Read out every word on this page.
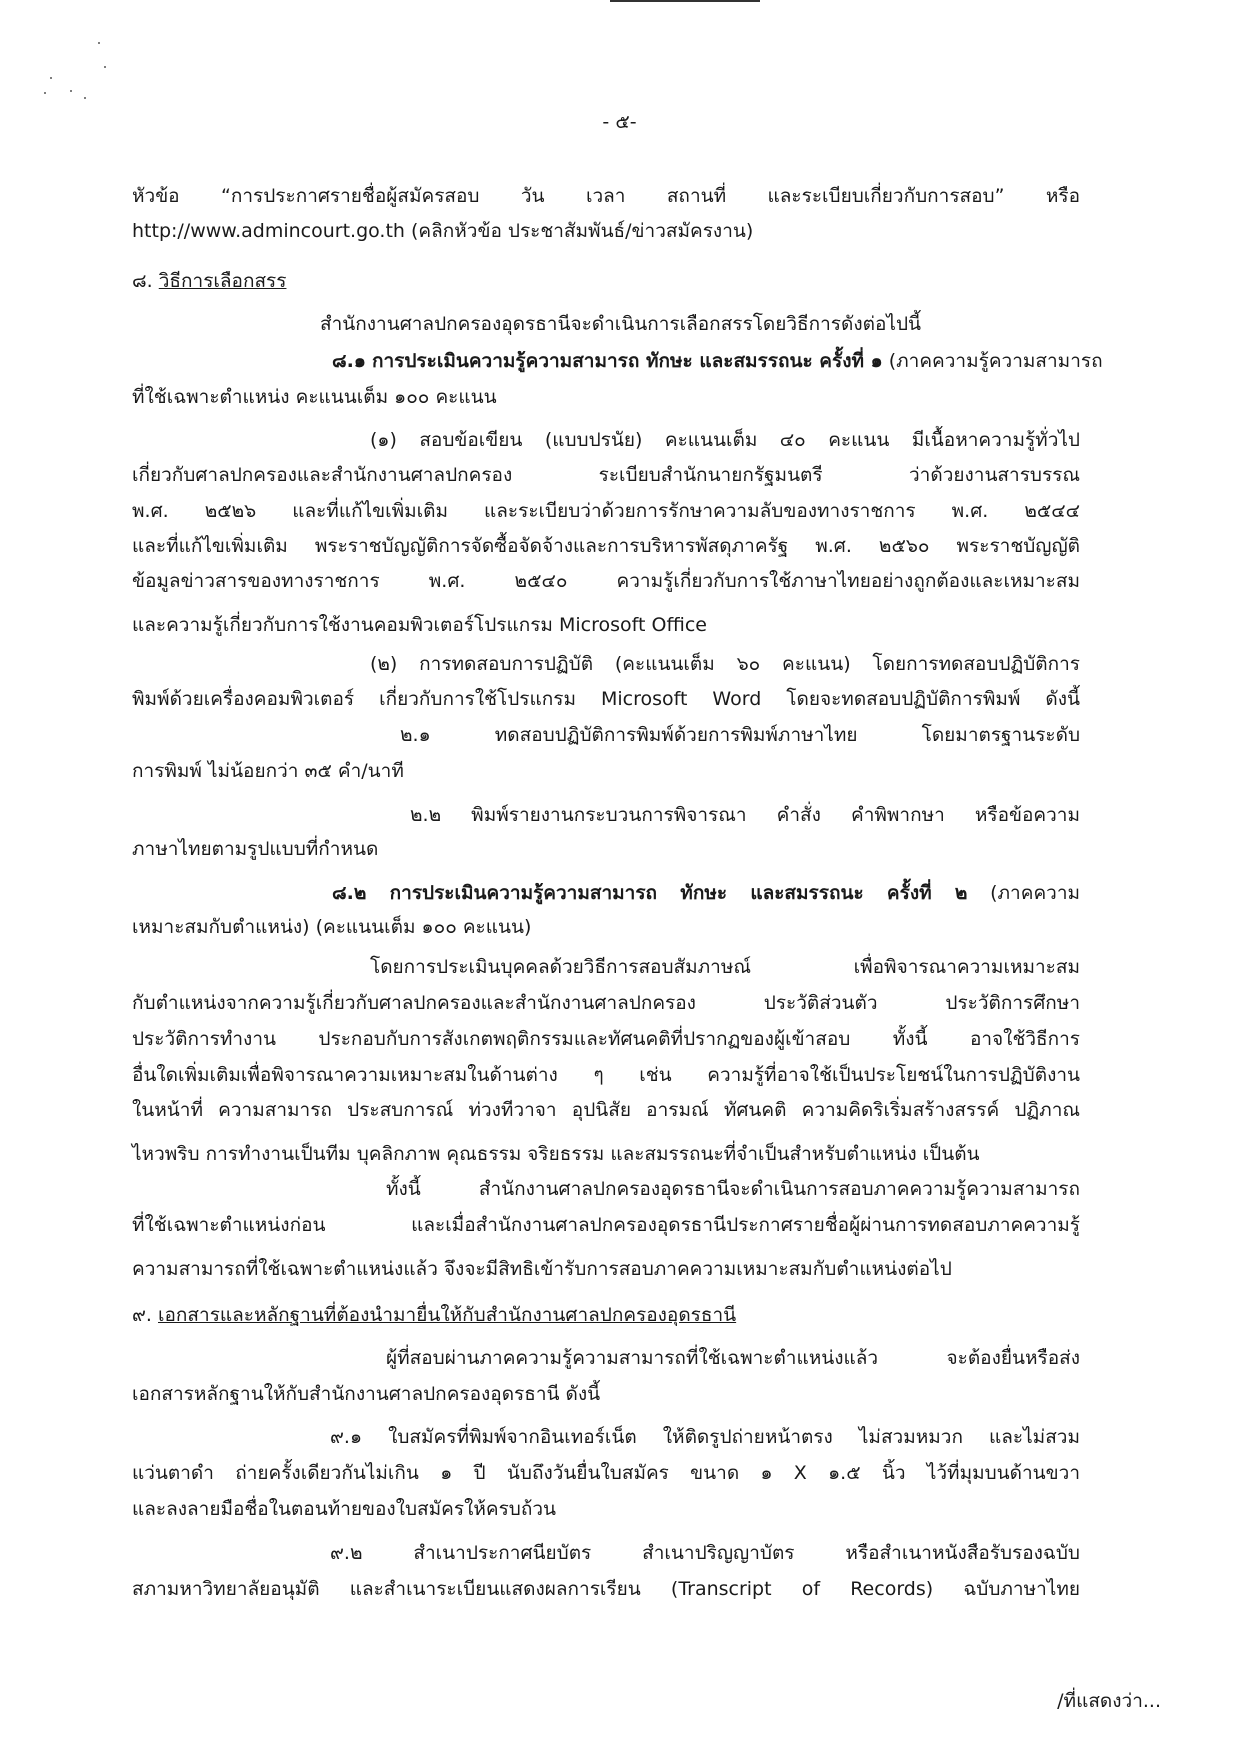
- ๕-

หัวข้อ “การประกาศรายชื่อผู้สมัครสอบ วัน เวลา สถานที่ และระเบียบเกี่ยวกับการสอบ” หรือ

http://www.admincourt.go.th (คลิกหัวข้อ ประชาสัมพันธ์/ข่าวสมัครงาน)

๘. วิธีการเลือกสรร

สำนักงานศาลปกครองอุดรธานีจะดำเนินการเลือกสรรโดยวิธีการดังต่อไปนี้

๘.๑ การประเมินความรู้ความสามารถ ทักษะ และสมรรถนะ ครั้งที่ ๑ (ภาคความรู้ความสามารถ

ที่ใช้เฉพาะตำแหน่ง คะแนนเต็ม ๑๐๐ คะแนน

(๑) สอบข้อเขียน (แบบปรนัย) คะแนนเต็ม ๔๐ คะแนน มีเนื้อหาความรู้ทั่วไป

เกี่ยวกับศาลปกครองและสำนักงานศาลปกครอง ระเบียบสำนักนายกรัฐมนตรี ว่าด้วยงานสารบรรณ

พ.ศ. ๒๕๒๖ และที่แก้ไขเพิ่มเติม และระเบียบว่าด้วยการรักษาความลับของทางราชการ พ.ศ. ๒๕๔๔

และที่แก้ไขเพิ่มเติม พระราชบัญญัติการจัดซื้อจัดจ้างและการบริหารพัสดุภาครัฐ พ.ศ. ๒๕๖๐ พระราชบัญญัติ

ข้อมูลข่าวสารของทางราชการ พ.ศ. ๒๕๔๐ ความรู้เกี่ยวกับการใช้ภาษาไทยอย่างถูกต้องและเหมาะสม

และความรู้เกี่ยวกับการใช้งานคอมพิวเตอร์โปรแกรม Microsoft Office

(๒) การทดสอบการปฏิบัติ (คะแนนเต็ม ๖๐ คะแนน) โดยการทดสอบปฏิบัติการ

พิมพ์ด้วยเครื่องคอมพิวเตอร์ เกี่ยวกับการใช้โปรแกรม Microsoft Word โดยจะทดสอบปฏิบัติการพิมพ์ ดังนี้

๒.๑ ทดสอบปฏิบัติการพิมพ์ด้วยการพิมพ์ภาษาไทย โดยมาตรฐานระดับ

การพิมพ์ ไม่น้อยกว่า ๓๕ คำ/นาที

๒.๒ พิมพ์รายงานกระบวนการพิจารณา คำสั่ง คำพิพากษา หรือข้อความ

ภาษาไทยตามรูปแบบที่กำหนด

๘.๒ การประเมินความรู้ความสามารถ ทักษะ และสมรรถนะ ครั้งที่ ๒ (ภาคความ

เหมาะสมกับตำแหน่ง) (คะแนนเต็ม ๑๐๐ คะแนน)

โดยการประเมินบุคคลด้วยวิธีการสอบสัมภาษณ์ เพื่อพิจารณาความเหมาะสม

กับตำแหน่งจากความรู้เกี่ยวกับศาลปกครองและสำนักงานศาลปกครอง ประวัติส่วนตัว ประวัติการศึกษา

ประวัติการทำงาน ประกอบกับการสังเกตพฤติกรรมและทัศนคติที่ปรากฏของผู้เข้าสอบ ทั้งนี้ อาจใช้วิธีการ

อื่นใดเพิ่มเติมเพื่อพิจารณาความเหมาะสมในด้านต่าง ๆ เช่น ความรู้ที่อาจใช้เป็นประโยชน์ในการปฏิบัติงาน

ในหน้าที่ ความสามารถ ประสบการณ์ ท่วงทีวาจา อุปนิสัย อารมณ์ ทัศนคติ ความคิดริเริ่มสร้างสรรค์ ปฏิภาณ

ไหวพริบ การทำงานเป็นทีม บุคลิกภาพ คุณธรรม จริยธรรม และสมรรถนะที่จำเป็นสำหรับตำแหน่ง เป็นต้น

ทั้งนี้ สำนักงานศาลปกครองอุดรธานีจะดำเนินการสอบภาคความรู้ความสามารถ

ที่ใช้เฉพาะตำแหน่งก่อน และเมื่อสำนักงานศาลปกครองอุดรธานีประกาศรายชื่อผู้ผ่านการทดสอบภาคความรู้

ความสามารถที่ใช้เฉพาะตำแหน่งแล้ว จึงจะมีสิทธิเข้ารับการสอบภาคความเหมาะสมกับตำแหน่งต่อไป

๙. เอกสารและหลักฐานที่ต้องนำมายื่นให้กับสำนักงานศาลปกครองอุดรธานี

ผู้ที่สอบผ่านภาคความรู้ความสามารถที่ใช้เฉพาะตำแหน่งแล้ว จะต้องยื่นหรือส่ง

เอกสารหลักฐานให้กับสำนักงานศาลปกครองอุดรธานี ดังนี้

๙.๑ ใบสมัครที่พิมพ์จากอินเทอร์เน็ต ให้ติดรูปถ่ายหน้าตรง ไม่สวมหมวก และไม่สวม

แว่นตาดำ ถ่ายครั้งเดียวกันไม่เกิน ๑ ปี นับถึงวันยื่นใบสมัคร ขนาด ๑ X ๑.๕ นิ้ว ไว้ที่มุมบนด้านขวา

และลงลายมือชื่อในตอนท้ายของใบสมัครให้ครบถ้วน

๙.๒ สำเนาประกาศนียบัตร สำเนาปริญญาบัตร หรือสำเนาหนังสือรับรองฉบับ

สภามหาวิทยาลัยอนุมัติ และสำเนาระเบียนแสดงผลการเรียน (Transcript of Records) ฉบับภาษาไทย

/ที่แสดงว่า...
